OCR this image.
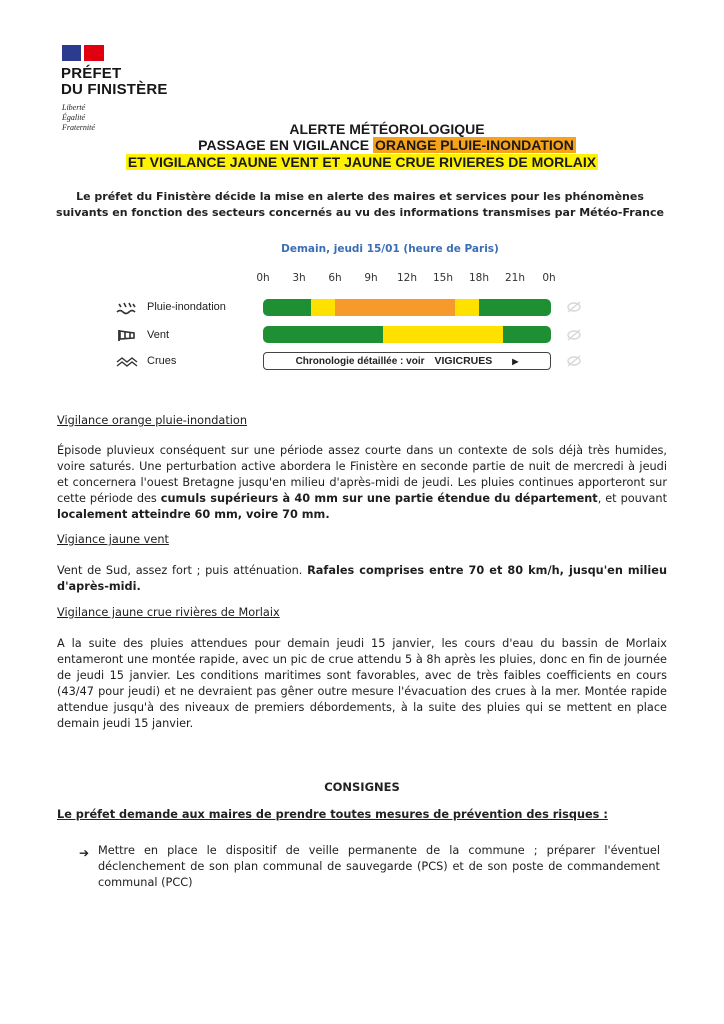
PRÉFET
DU FINISTÈRE
Liberté
Égalité
Fraternité	ALERTE MÉTÉOROLOGIQUE
PASSAGE EN VIGILANCE ORANGE PLUIE-INONDATION
ET VIGILANCE JAUNE VENT ET JAUNE CRUE RIVIERES DE MORLAIX
Le préfet du Finistère décide la mise en alerte des maires et services pour les phénomènes suivants en fonction des secteurs concernés au vu des informations transmises par Météo-France
Demain, jeudi 15/01 (heure de Paris)
0h 3h 6h 9h 12h 15h 18h 21h 0h
Pluie-inondation
Vent
Crues	Chronologie détaillée : voir VIGICRUES	▶
Vigilance orange pluie-inondation
Épisode pluvieux conséquent sur une période assez courte dans un contexte de sols déjà très humides, voire saturés. Une perturbation active abordera le Finistère en seconde partie de nuit de mercredi à jeudi et concernera l'ouest Bretagne jusqu'en milieu d'après-midi de jeudi. Les pluies continues apporteront sur cette période des cumuls supérieurs à 40 mm sur une partie étendue du département, et pouvant localement atteindre 60 mm, voire 70 mm.
Vigiance jaune vent
Vent de Sud, assez fort ; puis atténuation. Rafales comprises entre 70 et 80 km/h, jusqu'en milieu d'après-midi.
Vigilance jaune crue rivières de Morlaix
A la suite des pluies attendues pour demain jeudi 15 janvier, les cours d'eau du bassin de Morlaix entameront une montée rapide, avec un pic de crue attendu 5 à 8h après les pluies, donc en fin de journée de jeudi 15 janvier. Les conditions maritimes sont favorables, avec de très faibles coefficients en cours (43/47 pour jeudi) et ne devraient pas gêner outre mesure l'évacuation des crues à la mer. Montée rapide attendue jusqu'à des niveaux de premiers débordements, à la suite des pluies qui se mettent en place demain jeudi 15 janvier.
CONSIGNES
Le préfet demande aux maires de prendre toutes mesures de prévention des risques :
➔ Mettre en place le dispositif de veille permanente de la commune ; préparer l'éventuel déclenchement de son plan communal de sauvegarde (PCS) et de son poste de commandement communal (PCC)
